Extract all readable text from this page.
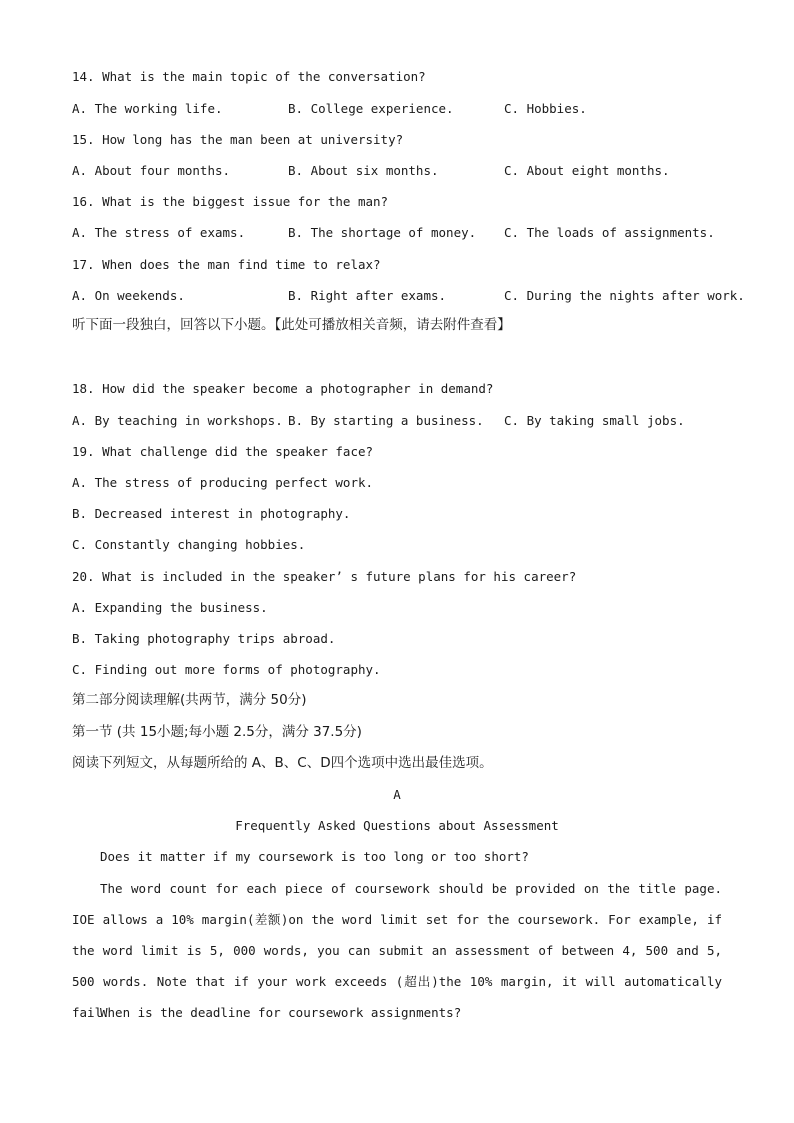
14. What is the main topic of the conversation?
A. The working life.	B. College experience.	C. Hobbies.
15. How long has the man been at university?
A. About four months.	B. About six months.	C. About eight months.
16. What is the biggest issue for the man?
A. The stress of exams.	B. The shortage of money. C. The loads of assignments.
17. When does the man find time to relax?
A. On weekends.	B. Right after exams.	C. During the nights after work.
听下面一段独白，回答以下小题。【此处可播放相关音频，请去附件查看】
18. How did the speaker become a photographer in demand?
A. By teaching in workshops. B. By starting a business. C. By taking small jobs.
19. What challenge did the speaker face?
A. The stress of producing perfect work.
B. Decreased interest in photography.
C. Constantly changing hobbies.
20. What is included in the speaker’ s future plans for his career?
A. Expanding the business.
B. Taking photography trips abroad.
C. Finding out more forms of photography.
第二部分阅读理解(共两节，满分 50分)
第一节 (共 15小题;每小题 2.5分，满分 37.5分)
阅读下列短文，从每题所给的 A、B、C、D四个选项中选出最佳选项。
A
Frequently Asked Questions about Assessment
Does it matter if my coursework is too long or too short?
The word count for each piece of coursework should be provided on the title page. IOE allows a 10% margin(差额)on the word limit set for the coursework. For example, if the word limit is 5, 000 words, you can submit an assessment of between 4, 500 and 5, 500 words. Note that if your work exceeds (超出)the 10% margin, it will automatically fail.
When is the deadline for coursework assignments?
